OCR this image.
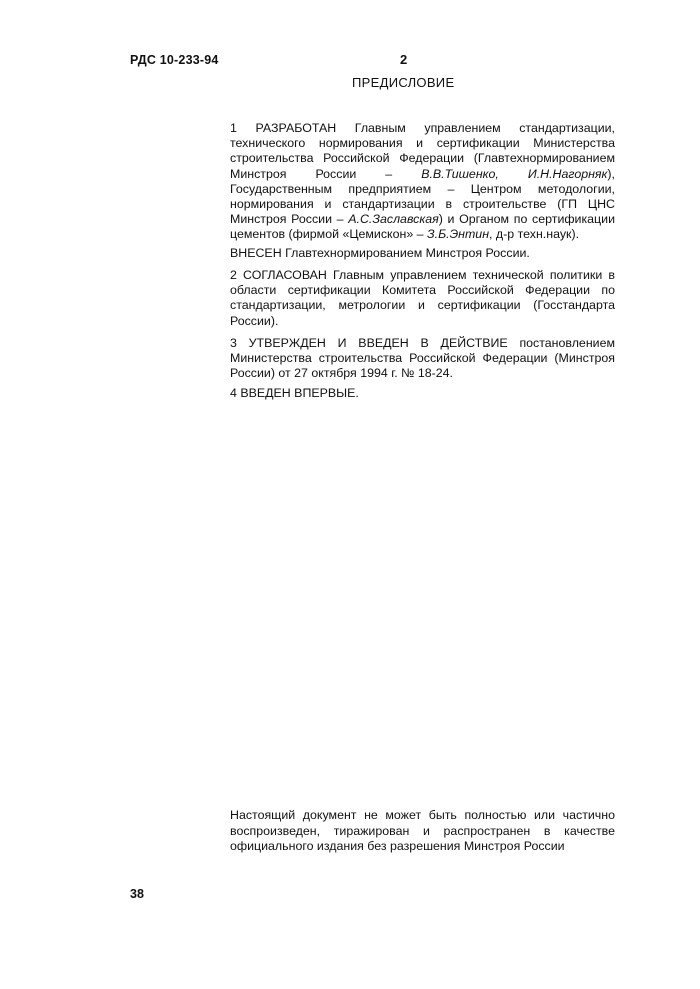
РДС 10-233-94	2
ПРЕДИСЛОВИЕ

1 РАЗРАБОТАН Главным управлением стандартизации, технического нормирования и сертификации Министерства строительства Российской Федерации (Главтехнормированием Минстроя России – В.В.Тишенко, И.Н.Нагорняк), Государственным предприятием – Центром методологии, нормирования и стандартизации в строительстве (ГП ЦНС Минстроя России – А.С.Заславская) и Органом по сертификации цементов (фирмой «Цемискон» – З.Б.Энтин, д-р техн.наук).

ВНЕСЕН Главтехнормированием Минстроя России.

2 СОГЛАСОВАН Главным управлением технической политики в области сертификации Комитета Российской Федерации по стандартизации, метрологии и сертификации (Госстандарта России).

3 УТВЕРЖДЕН И ВВЕДЕН В ДЕЙСТВИЕ постановлением Министерства строительства Российской Федерации (Минстроя России) от 27 октября 1994 г. № 18-24.

4 ВВЕДЕН ВПЕРВЫЕ.

Настоящий документ не может быть полностью или частично воспроизведен, тиражирован и распространен в качестве официального издания без разрешения Минстроя России
38
